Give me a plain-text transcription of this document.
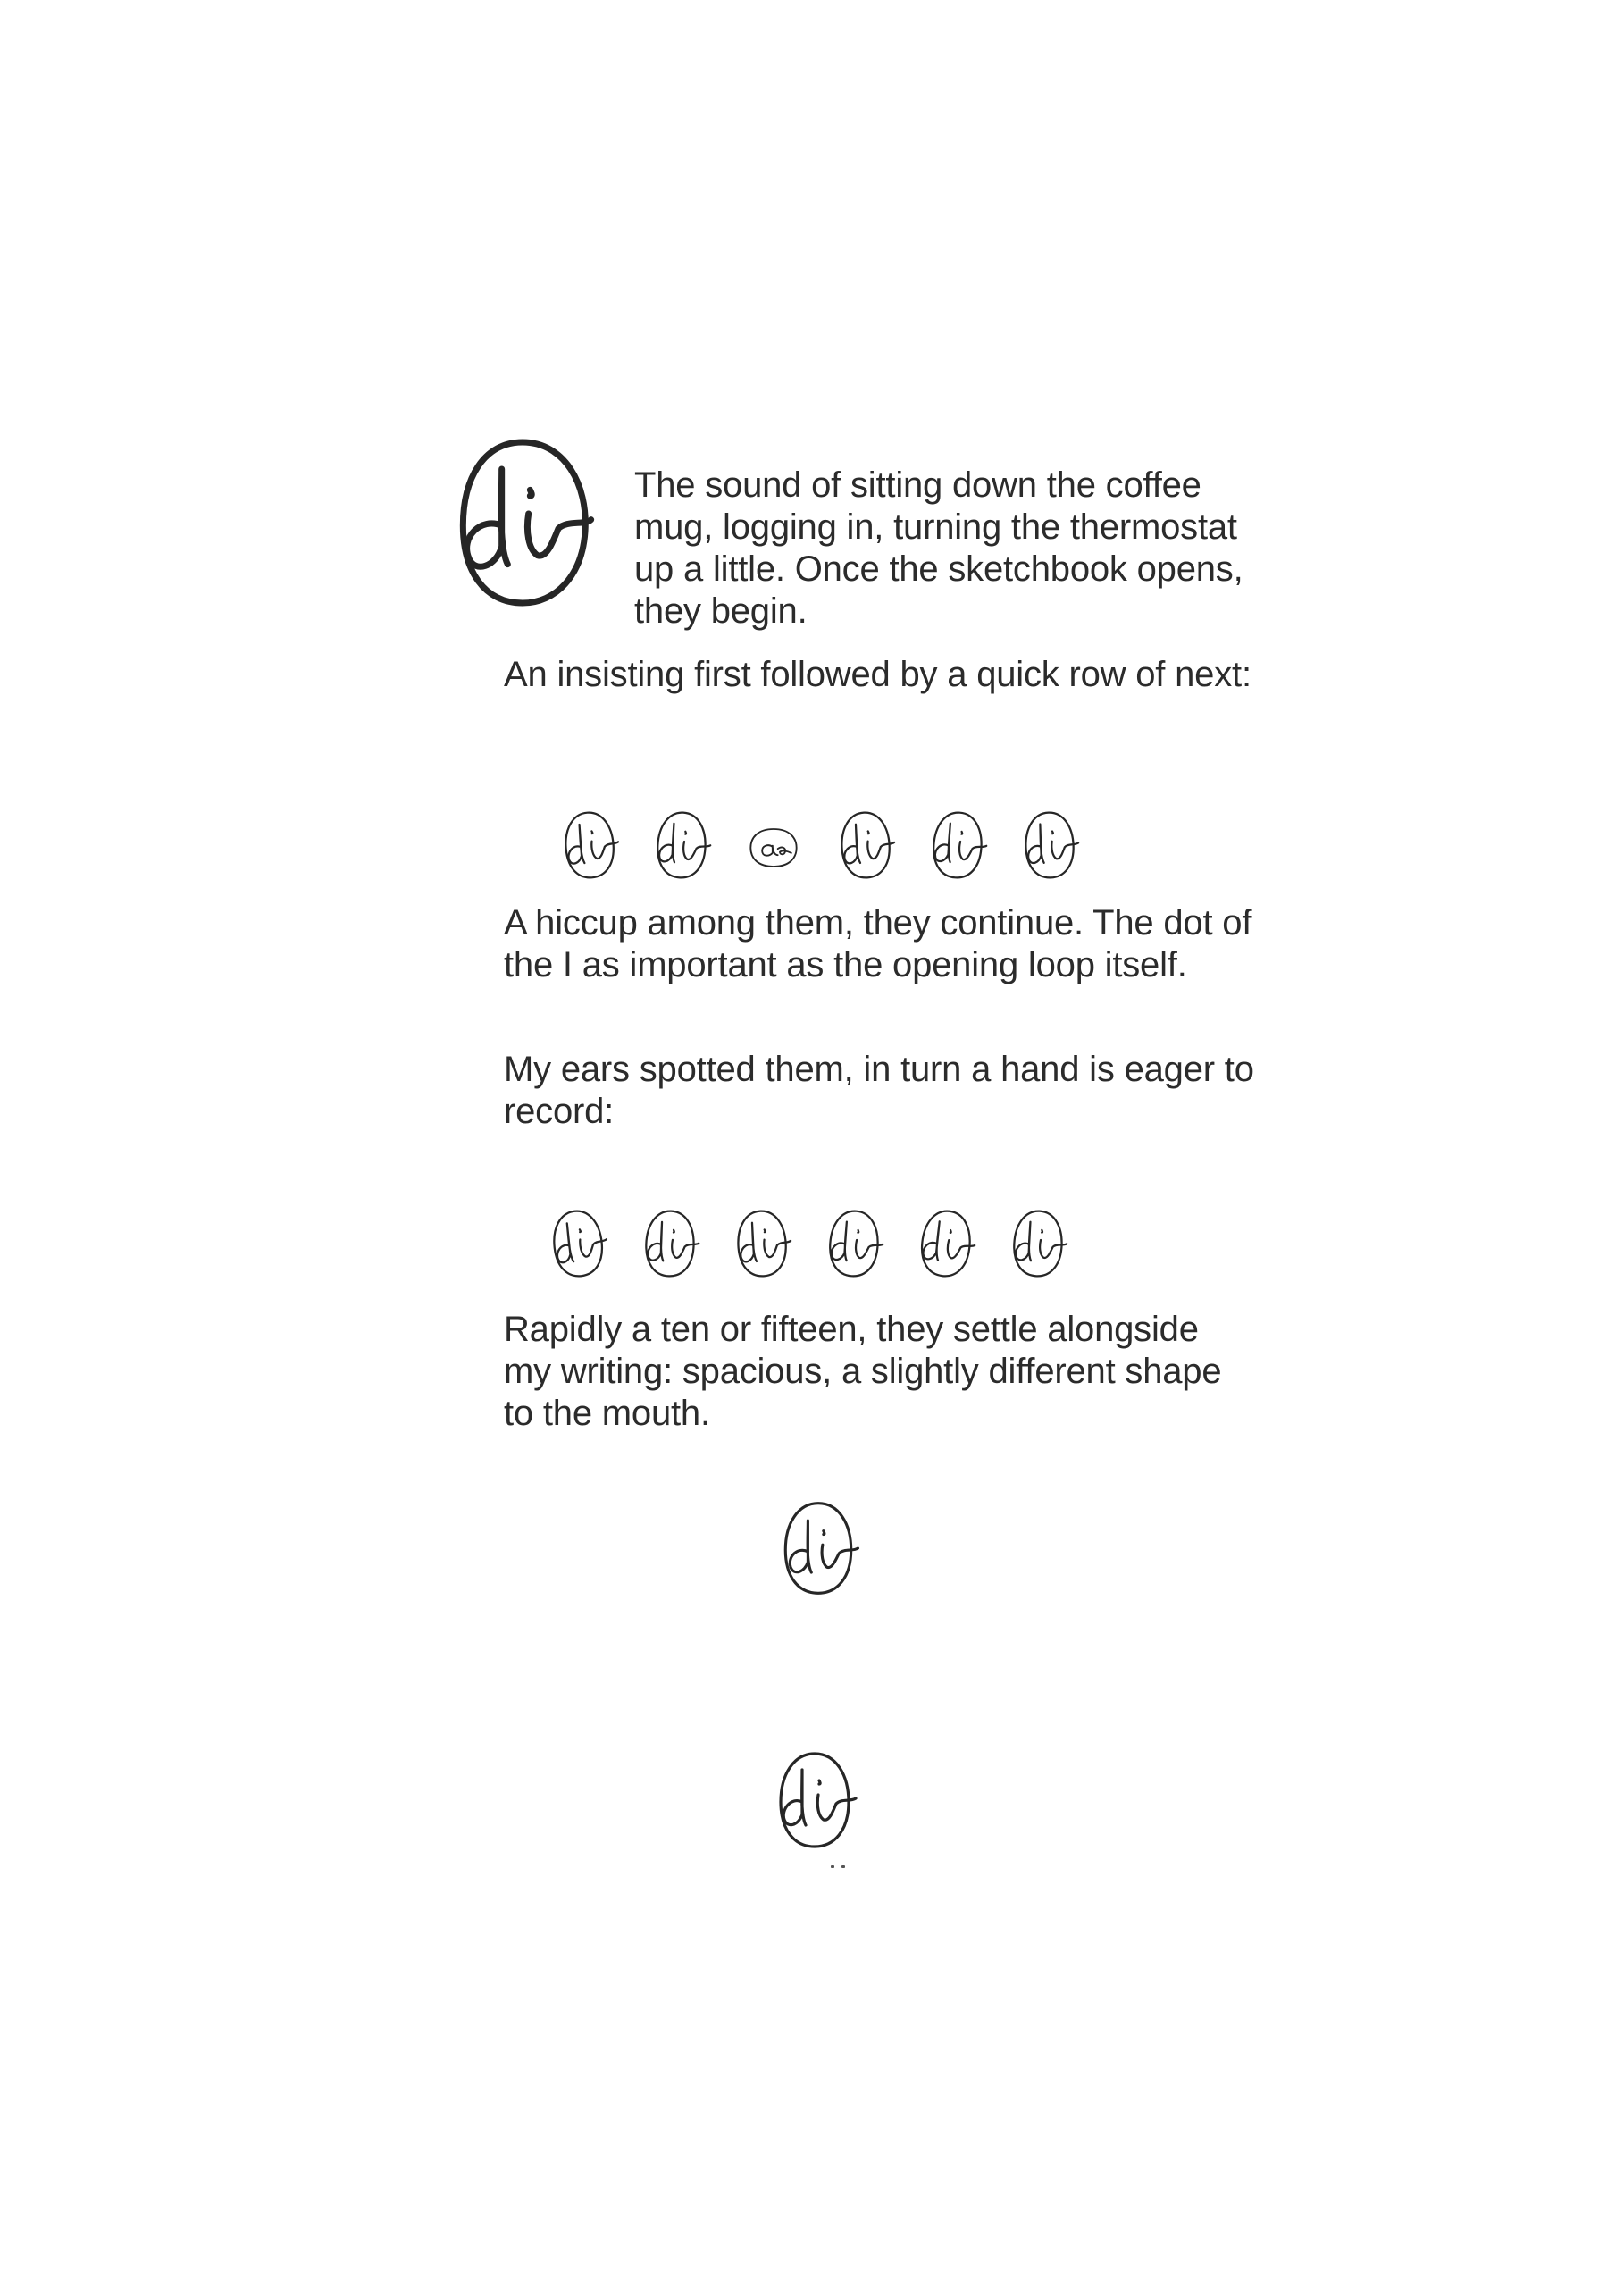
The sound of sitting down the coffee mug, logging in, turning the thermostat up a little. Once the sketchbook opens, they begin.

An insisting first followed by a quick row of next:

A hiccup among them, they continue. The dot of the I as important as the opening loop itself.

My ears spotted them, in turn a hand is eager to record:

Rapidly a ten or fifteen, they settle alongside my writing: spacious, a slightly different shape to the mouth.
